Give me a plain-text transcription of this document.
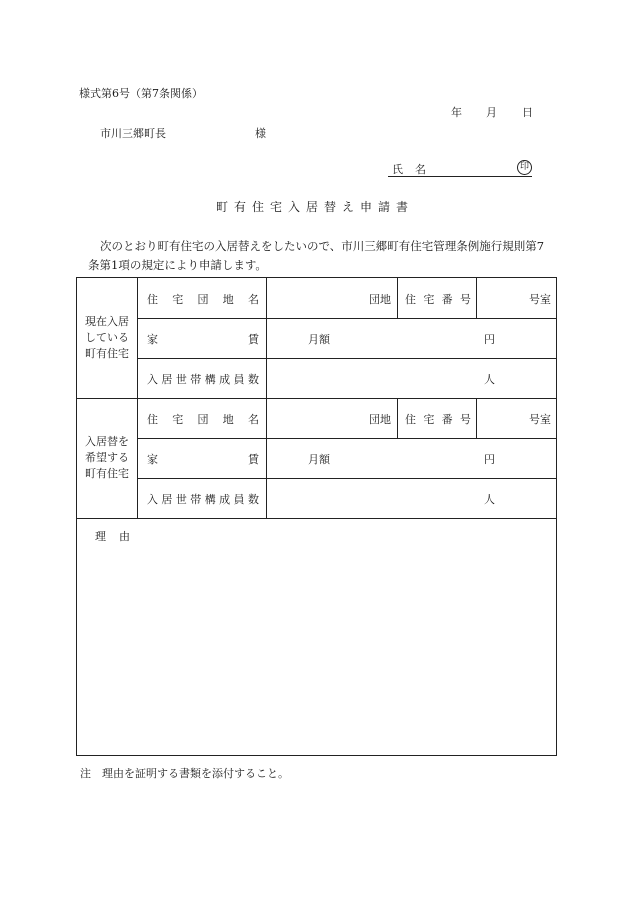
様式第6号（第7条関係）
年 月 日
市川三郷町長	様
氏 名	印
町有住宅入居替え申請書
次のとおり町有住宅の入居替えをしたいので、市川三郷町有住宅管理条例施行規則第7
条第1項の規定により申請します。
現在入居
している
町有住宅
住 宅 団 地 名	団地 住 宅 番 号	号室
家	賃	月額	円
入 居 世 帯 構 成 員 数	人
入居替を
希望する
町有住宅
住 宅 団 地 名	団地 住 宅 番 号	号室
家	賃	月額	円
入 居 世 帯 構 成 員 数	人
理 由
注　理由を証明する書類を添付すること。
